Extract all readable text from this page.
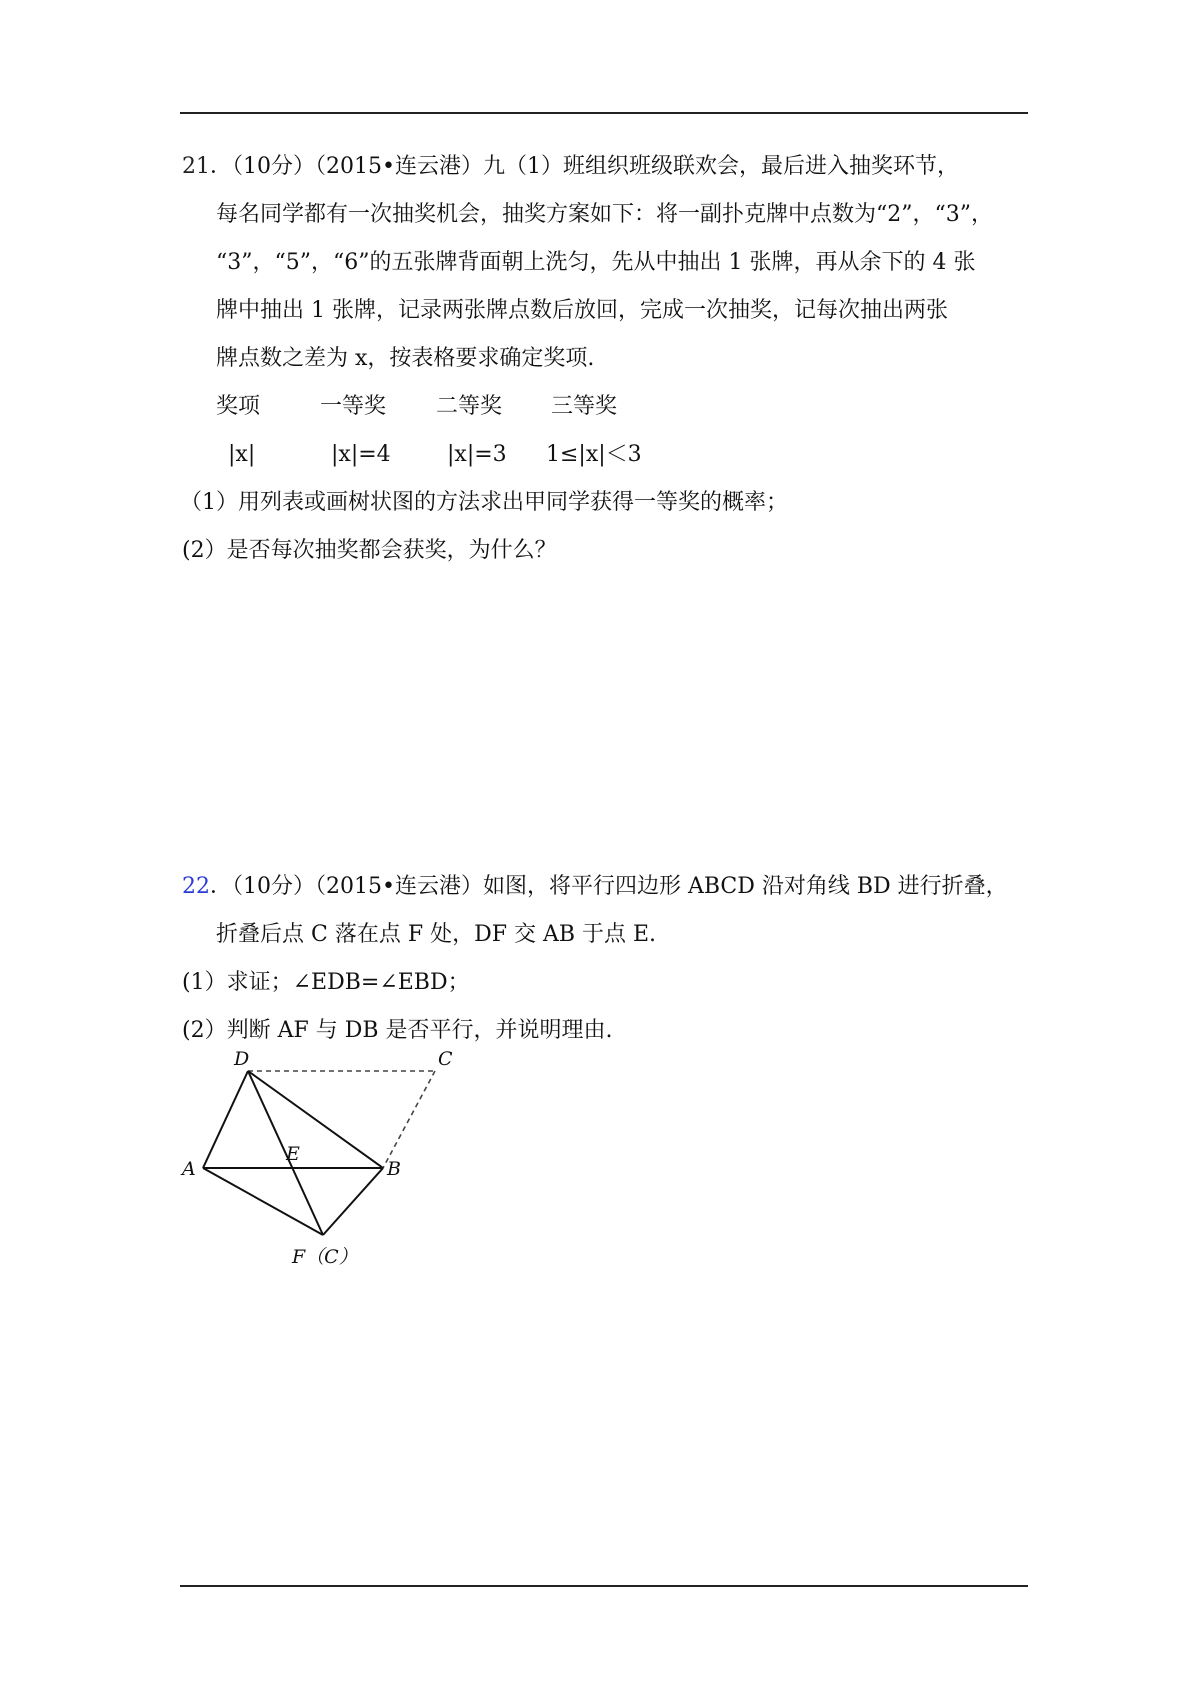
21．（10分）（2015•连云港）九（1）班组织班级联欢会，最后进入抽奖环节，
每名同学都有一次抽奖机会，抽奖方案如下：将一副扑克牌中点数为“2”，“3”，
“3”，“5”，“6”的五张牌背面朝上洗匀，先从中抽出 1 张牌，再从余下的 4 张
牌中抽出 1 张牌，记录两张牌点数后放回，完成一次抽奖，记每次抽出两张
牌点数之差为 x，按表格要求确定奖项.
奖项	一等奖 二等奖 三等奖
|x|	|x|=4	|x|=3 1≤|x|＜3
（1）用列表或画树状图的方法求出甲同学获得一等奖的概率；
(2）是否每次抽奖都会获奖，为什么？
22．（10分）（2015•连云港）如图，将平行四边形 ABCD 沿对角线 BD 进行折叠，
折叠后点 C 落在点 F 处，DF 交 AB 于点 E.
(1）求证；∠EDB=∠EBD；
(2）判断 AF 与 DB 是否平行，并说明理由.
D	C
A
E
B
F（C）
